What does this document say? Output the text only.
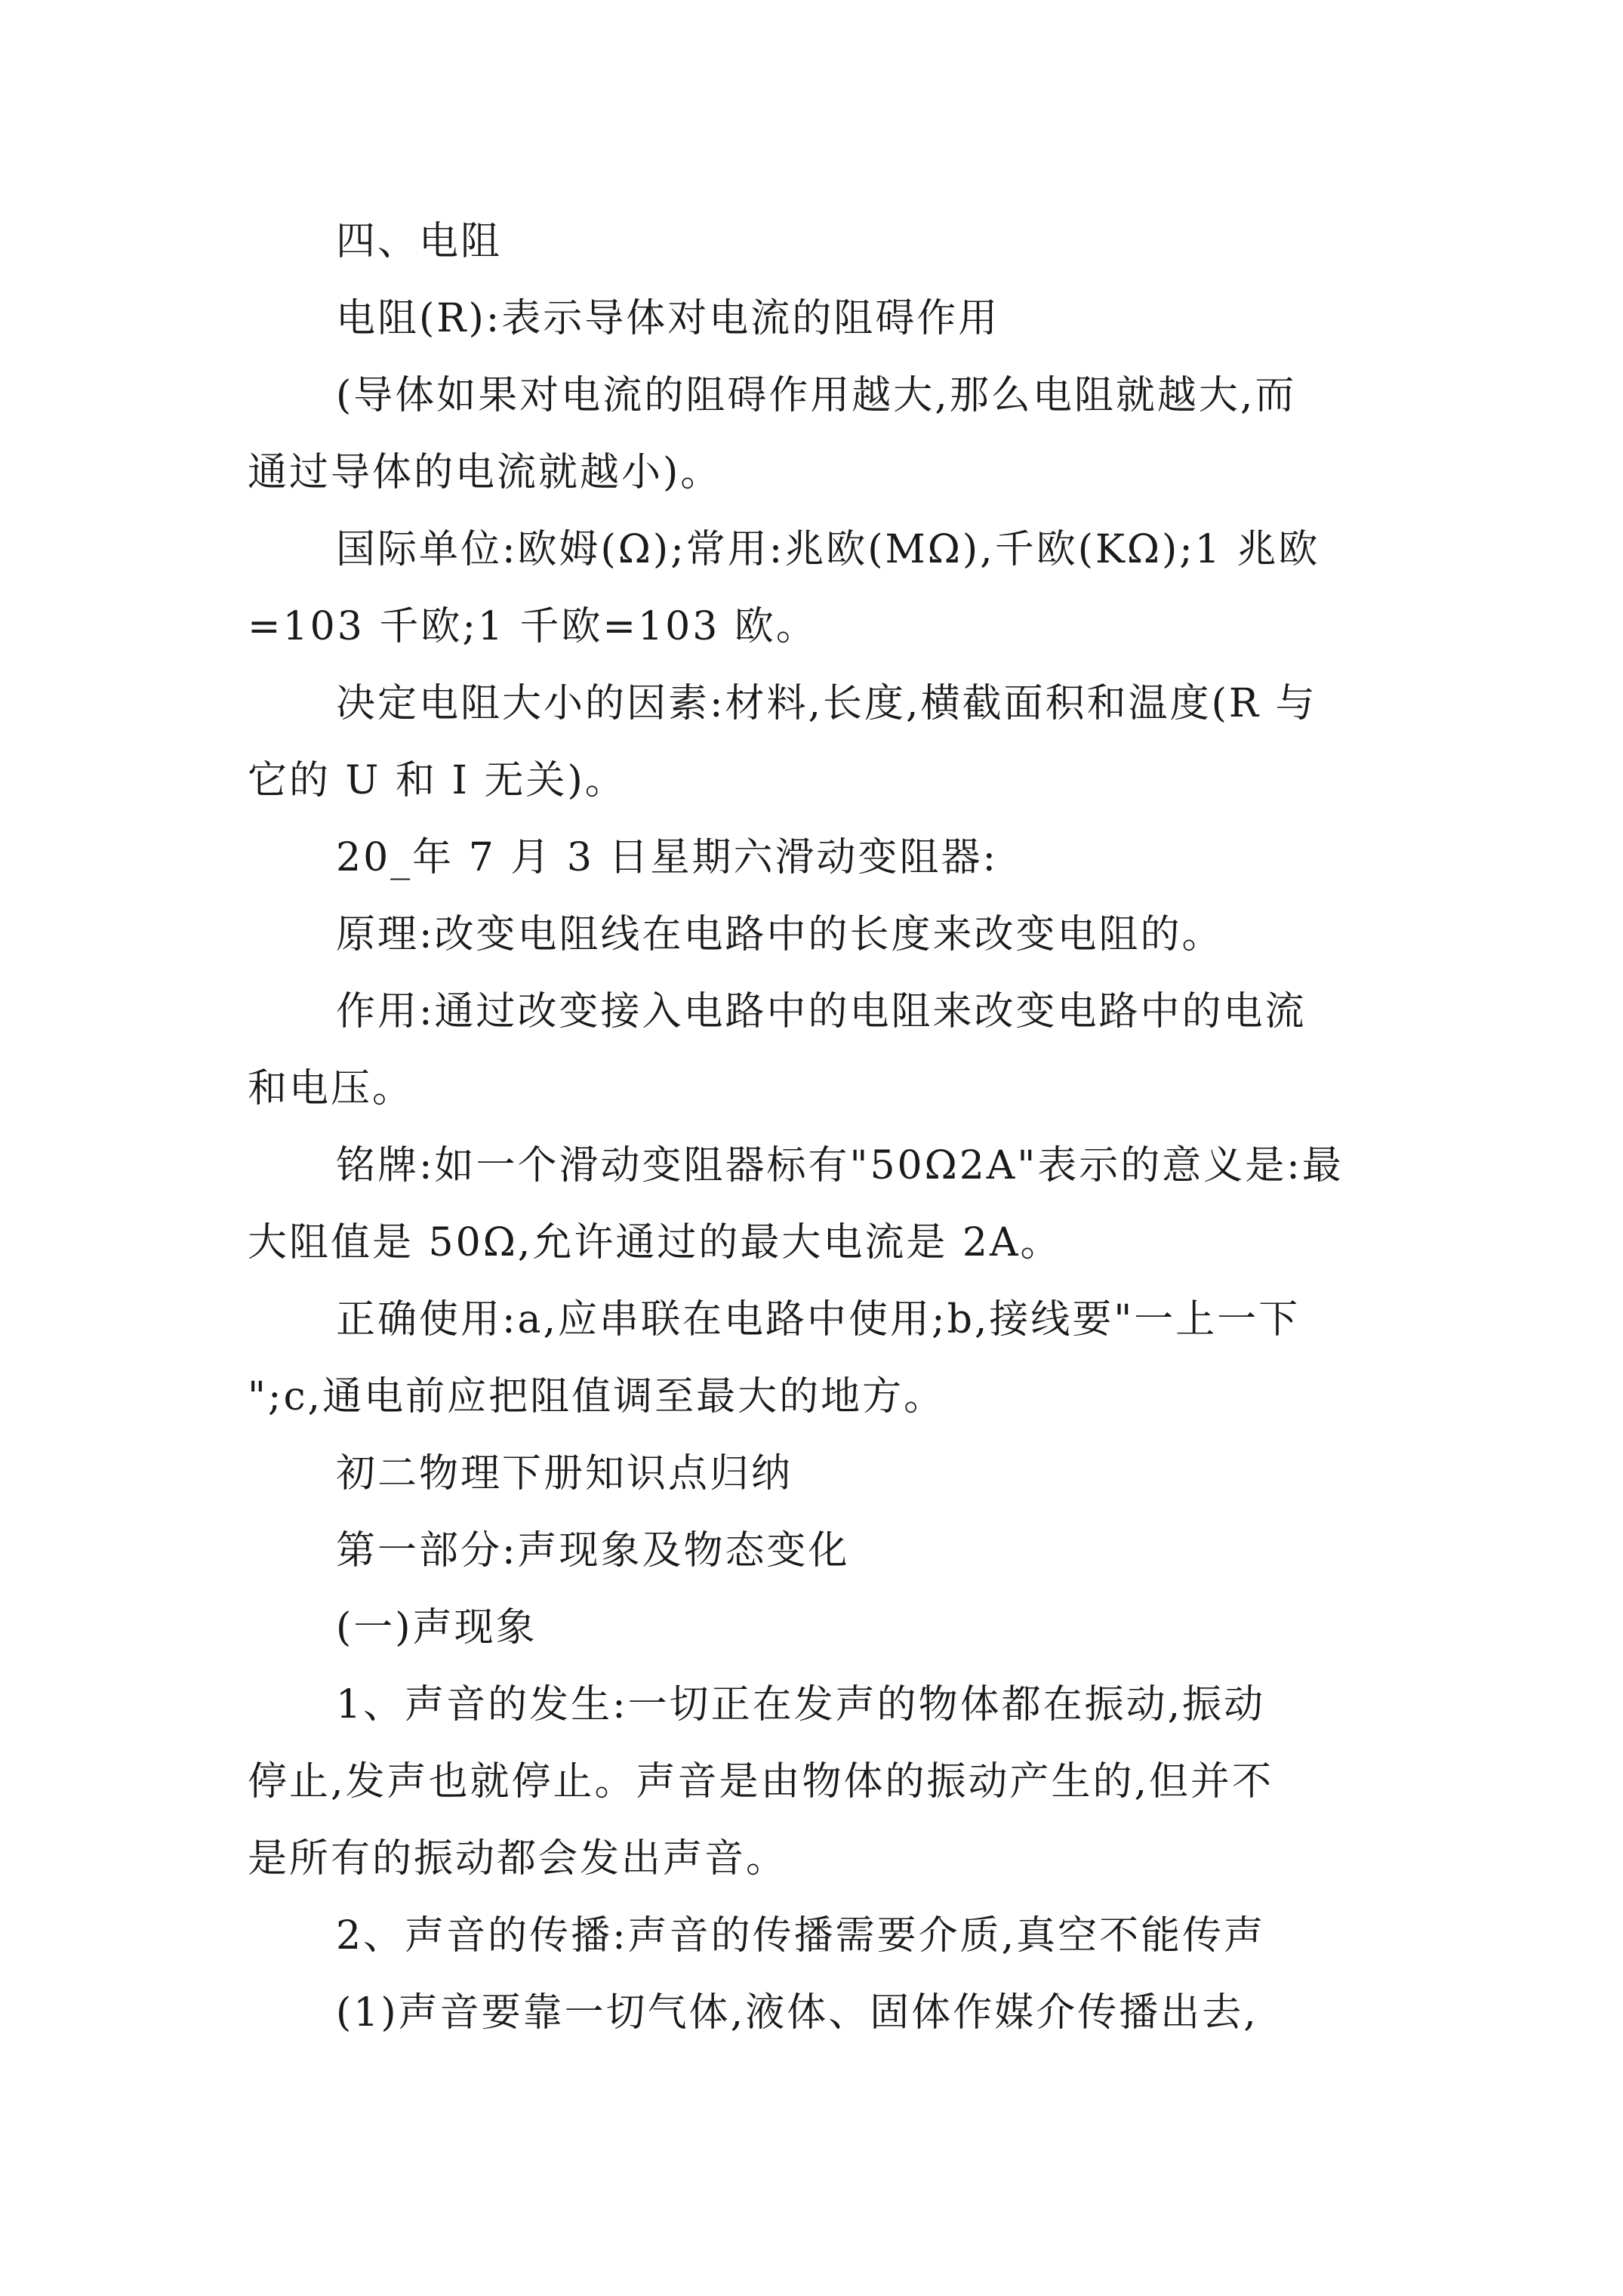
四、电阻
电阻(R):表示导体对电流的阻碍作用
(导体如果对电流的阻碍作用越大,那么电阻就越大,而
通过导体的电流就越小)。
国际单位:欧姆(Ω);常用:兆欧(MΩ),千欧(KΩ);1 兆欧
=103 千欧;1 千欧=103 欧。
决定电阻大小的因素:材料,长度,横截面积和温度(R 与
它的 U 和 I 无关)。
20_年 7 月 3 日星期六滑动变阻器:
原理:改变电阻线在电路中的长度来改变电阻的。
作用:通过改变接入电路中的电阻来改变电路中的电流
和电压。
铭牌:如一个滑动变阻器标有"50Ω2A"表示的意义是:最
大阻值是 50Ω,允许通过的最大电流是 2A。
正确使用:a,应串联在电路中使用;b,接线要"一上一下
";c,通电前应把阻值调至最大的地方。
初二物理下册知识点归纳
第一部分:声现象及物态变化
(一)声现象
1、声音的发生:一切正在发声的物体都在振动,振动
停止,发声也就停止。声音是由物体的振动产生的,但并不
是所有的振动都会发出声音。
2、声音的传播:声音的传播需要介质,真空不能传声
(1)声音要靠一切气体,液体、固体作媒介传播出去,
